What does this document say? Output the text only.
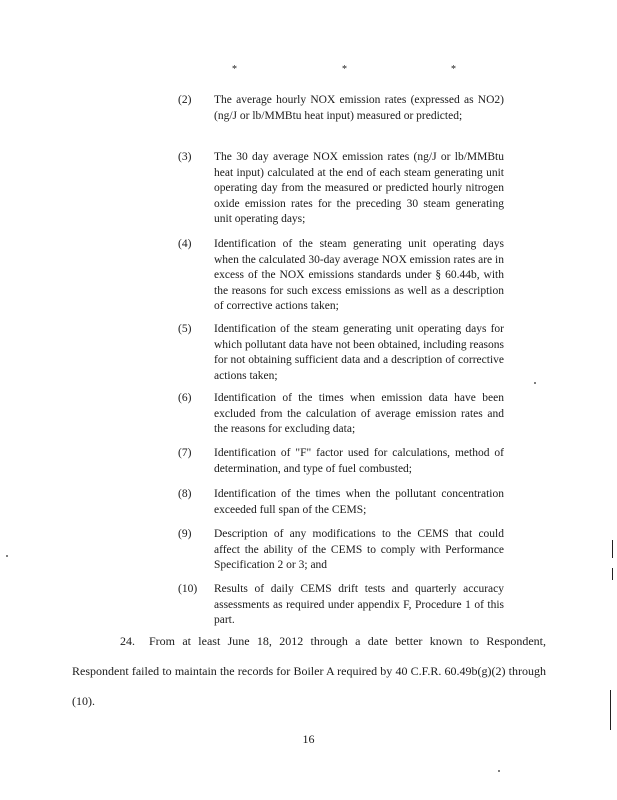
*	*	*
(2) The average hourly NOX emission rates (expressed as NO2) (ng/J or lb/MMBtu heat input) measured or predicted;
(3) The 30 day average NOX emission rates (ng/J or lb/MMBtu heat input) calculated at the end of each steam generating unit operating day from the measured or predicted hourly nitrogen oxide emission rates for the preceding 30 steam generating unit operating days;
(4) Identification of the steam generating unit operating days when the calculated 30-day average NOX emission rates are in excess of the NOX emissions standards under § 60.44b, with the reasons for such excess emissions as well as a description of corrective actions taken;
(5) Identification of the steam generating unit operating days for which pollutant data have not been obtained, including reasons for not obtaining sufficient data and a description of corrective actions taken;
(6) Identification of the times when emission data have been excluded from the calculation of average emission rates and the reasons for excluding data;
(7) Identification of "F" factor used for calculations, method of determination, and type of fuel combusted;
(8) Identification of the times when the pollutant concentration exceeded full span of the CEMS;
(9) Description of any modifications to the CEMS that could affect the ability of the CEMS to comply with Performance Specification 2 or 3; and
(10) Results of daily CEMS drift tests and quarterly accuracy assessments as required under appendix F, Procedure 1 of this part.
24. From at least June 18, 2012 through a date better known to Respondent, Respondent failed to maintain the records for Boiler A required by 40 C.F.R. 60.49b(g)(2) through (10).
16
